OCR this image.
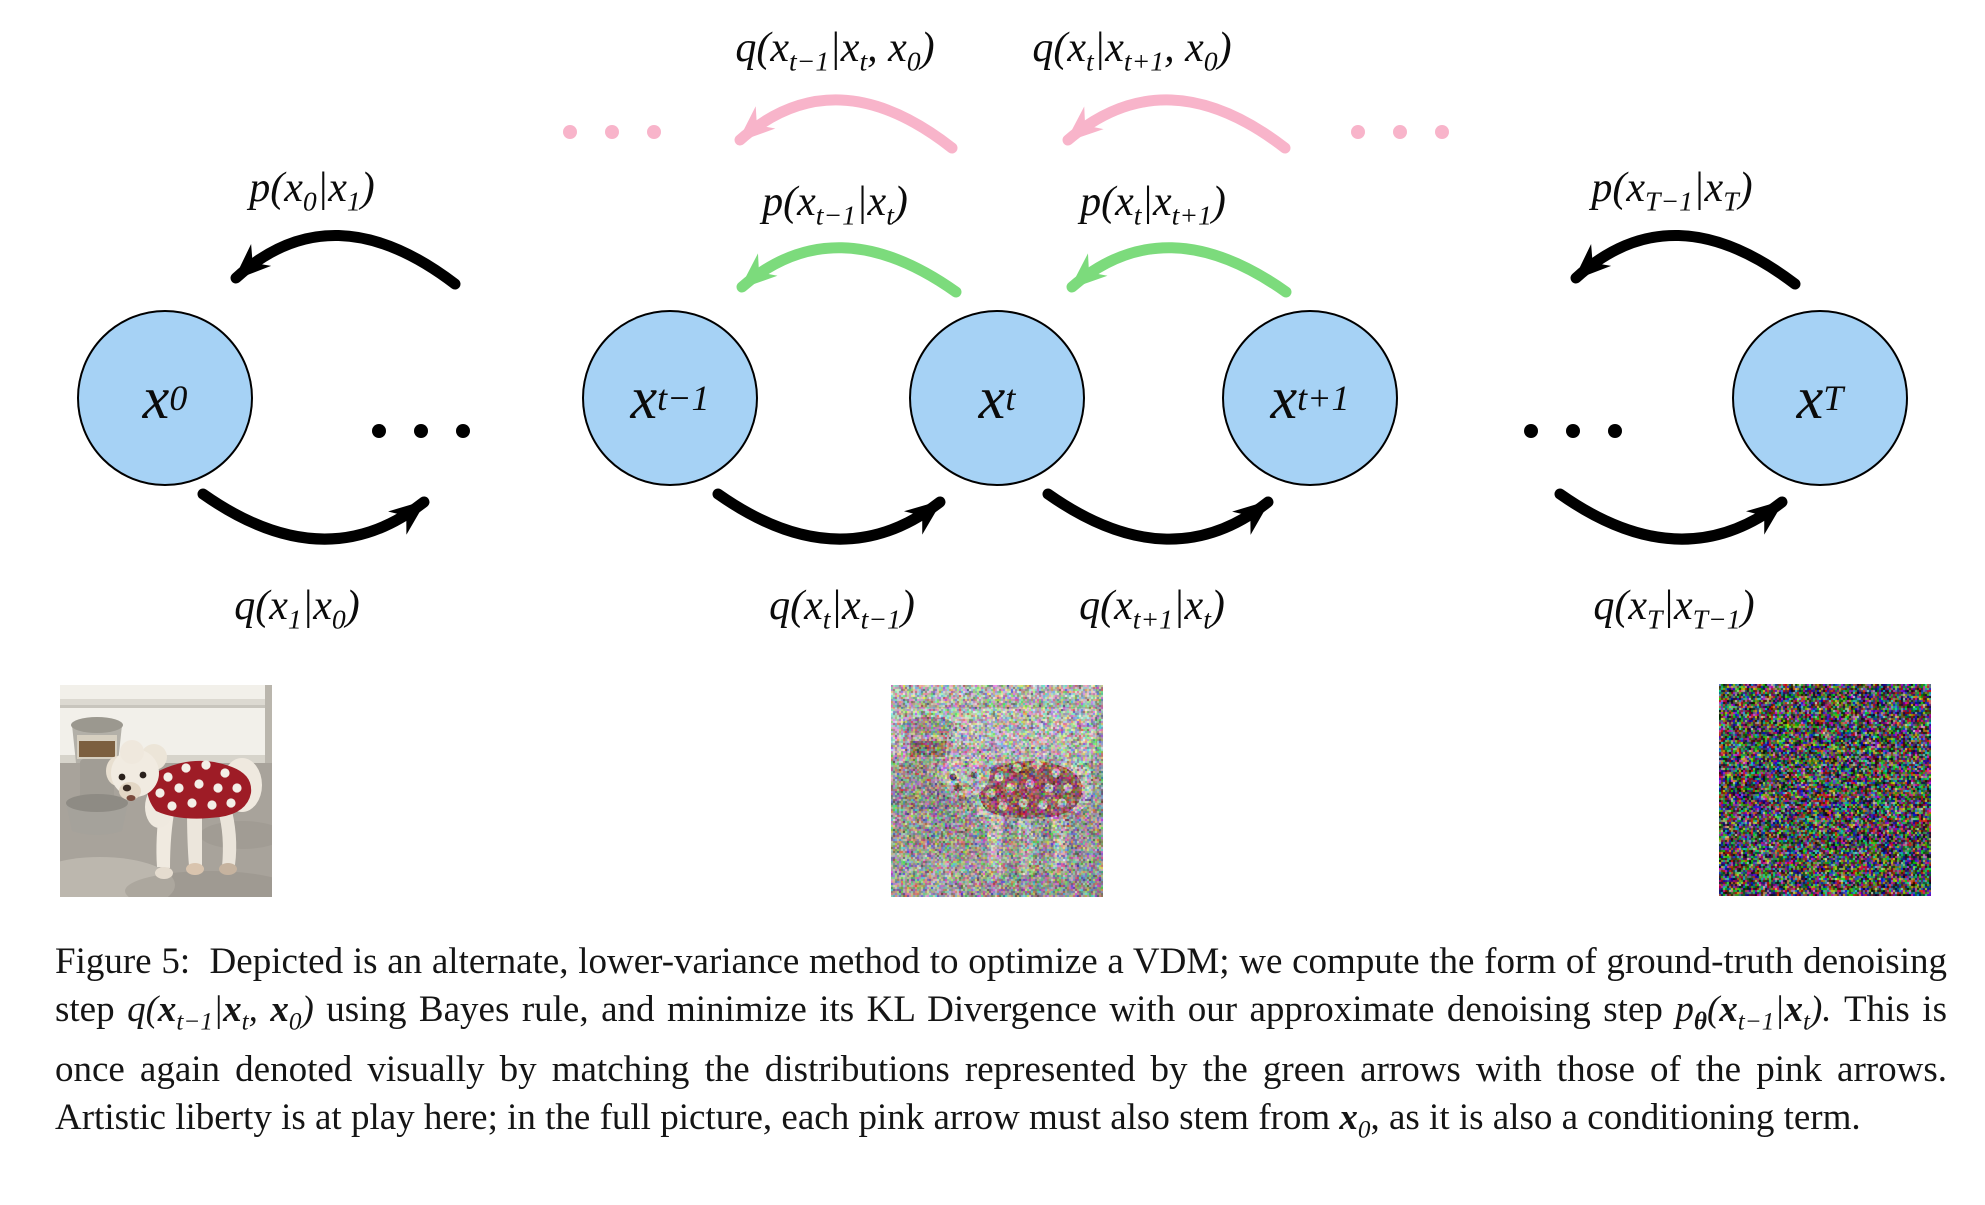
$q(x_{t-1}|x_t$, $x_0$) $q(x_t|x_{t+1}$, $x_0$)
$p(x_0|x_1)$	$p(x_{t-1}|x_t)$	$p(x_t|x_{t+1})$	$p(x_{T-1}|x_T)$
$q(x_1|x_0)$	$q(x_t|x_{t-1})$	$q(x_{t+1}|x_t)$	$q(x_T|x_{T-1})$
x 0	x t−1	x t	x t+1	x T

Figure 5:  Depicted is an alternate, lower-variance method to optimize a VDM; we compute the form of ground-truth denoising step $q(x_{t-1}|x_t$, $x_0$) using Bayes rule, and minimize its KL Divergence with our approximate denoising step $p_\theta(x_{t-1}|x_t)$. This is once again denoted visually by matching the distributions represented by the green arrows with those of the pink arrows. Artistic liberty is at play here; in the full picture, each pink arrow must also stem from $x_0$, as it is also a conditioning term.
